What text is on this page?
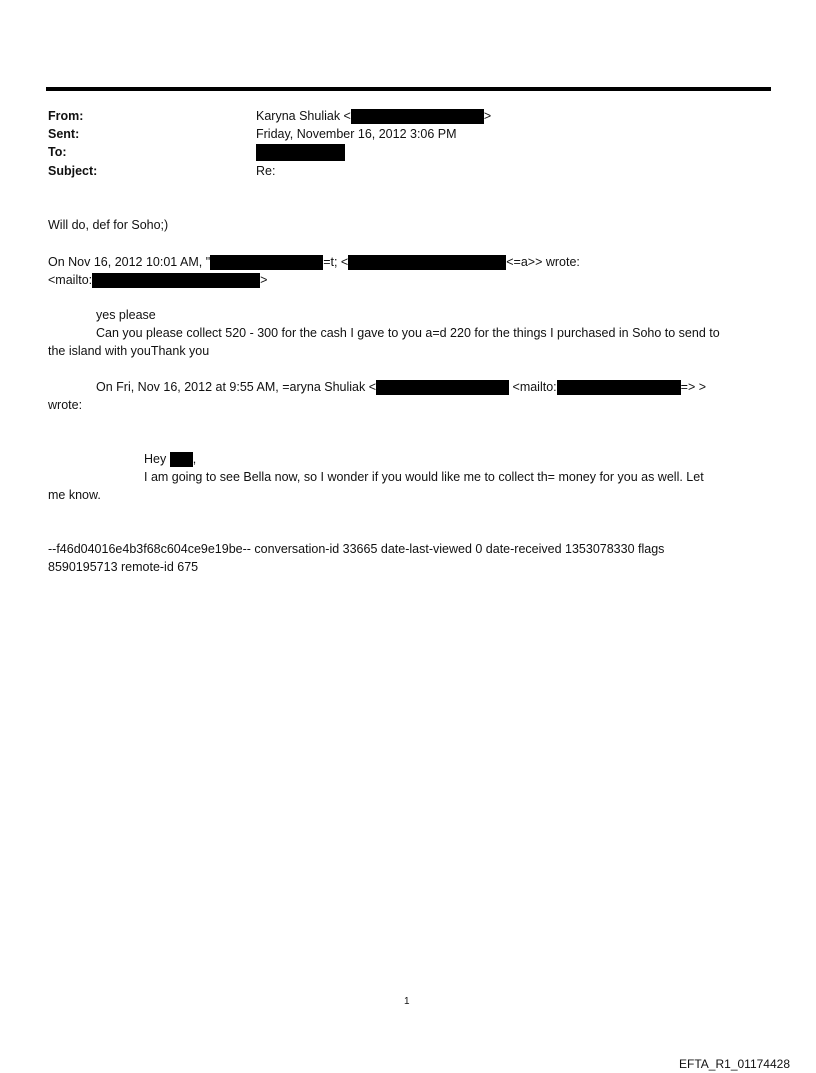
From:	Karyna Shuliak <	>
Sent:	Friday, November 16, 2012 3:06 PM
To:
Subject:	Re:
Will do, def for Soho;)
On Nov 16, 2012 10:01 AM, "	=t; <	<=a>> wrote:
<mailto:	>
yes please
Can you please collect 520 - 300 for the cash I gave to you a=d 220 for the things I purchased in Soho to send to
the island with youThank you
On Fri, Nov 16, 2012 at 9:55 AM, =aryna Shuliak <	<mailto:	=> >
wrote:
Hey ,
I am going to see Bella now, so I wonder if you would like me to collect th= money for you as well. Let
me know.
--f46d04016e4b3f68c604ce9e19be-- conversation-id 33665 date-last-viewed 0 date-received 1353078330 flags
8590195713 remote-id 675
1
EFTA_R1_01174428
